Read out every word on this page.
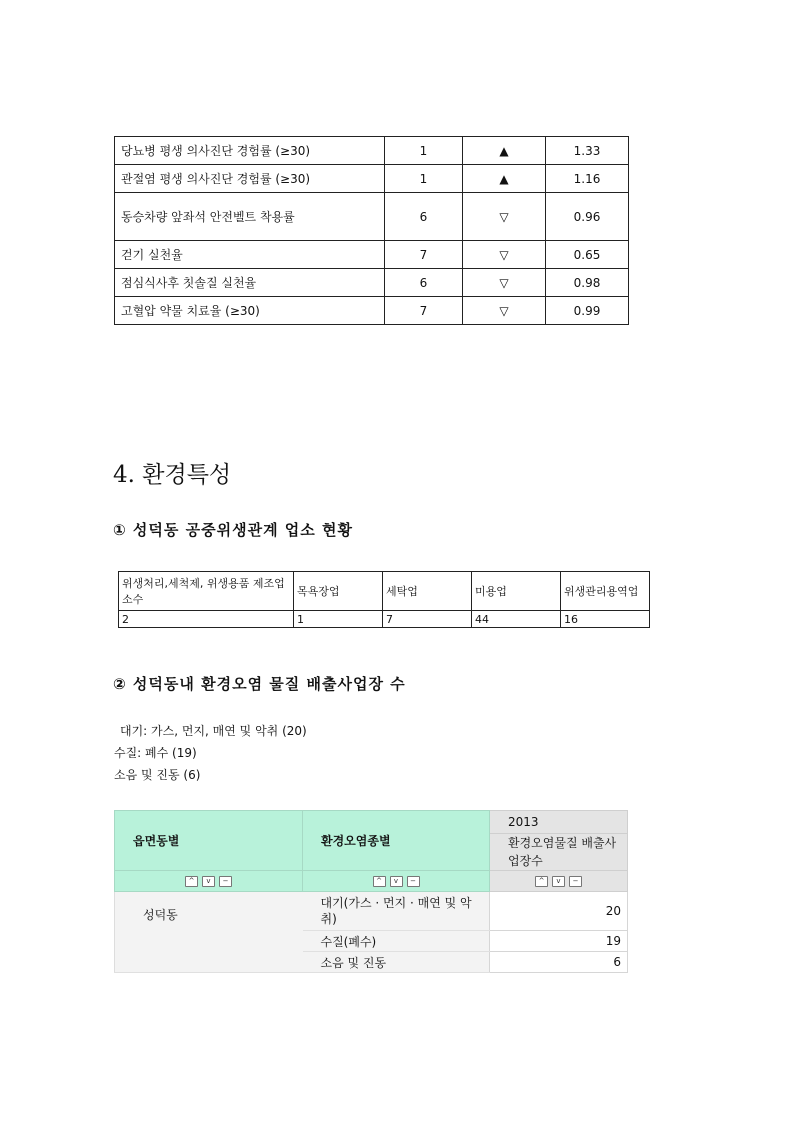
당뇨병 평생 의사진단 경험률 (≥30)	1	▲	1.33
관절염 평생 의사진단 경험률 (≥30)	1	▲	1.16
동승차량 앞좌석 안전벨트 착용률	6	▽	0.96
걷기 실천율	7	▽	0.65
점심식사후 칫솔질 실천율	6	▽	0.98
고혈압 약물 치료율 (≥30)	7	▽	0.99
4. 환경특성
① 성덕동 공중위생관계 업소 현황
위생처리,세척제, 위생용품 제조업소수	목욕장업	세탁업	미용업	위생관리용역업
2	1	7	44	16
② 성덕동내 환경오염 물질 배출사업장 수

대기: 가스, 먼지, 매연 및 악취 (20)

수질: 폐수 (19)

소음 및 진동 (6)

읍면동별	환경오염종별	2013
		환경오염물질 배출사업장수
^ v −	^ v −	^ v −
성덕동	대기(가스 · 먼지 · 매연 및 악취)	20
	수질(폐수)	19
	소음 및 진동	6
